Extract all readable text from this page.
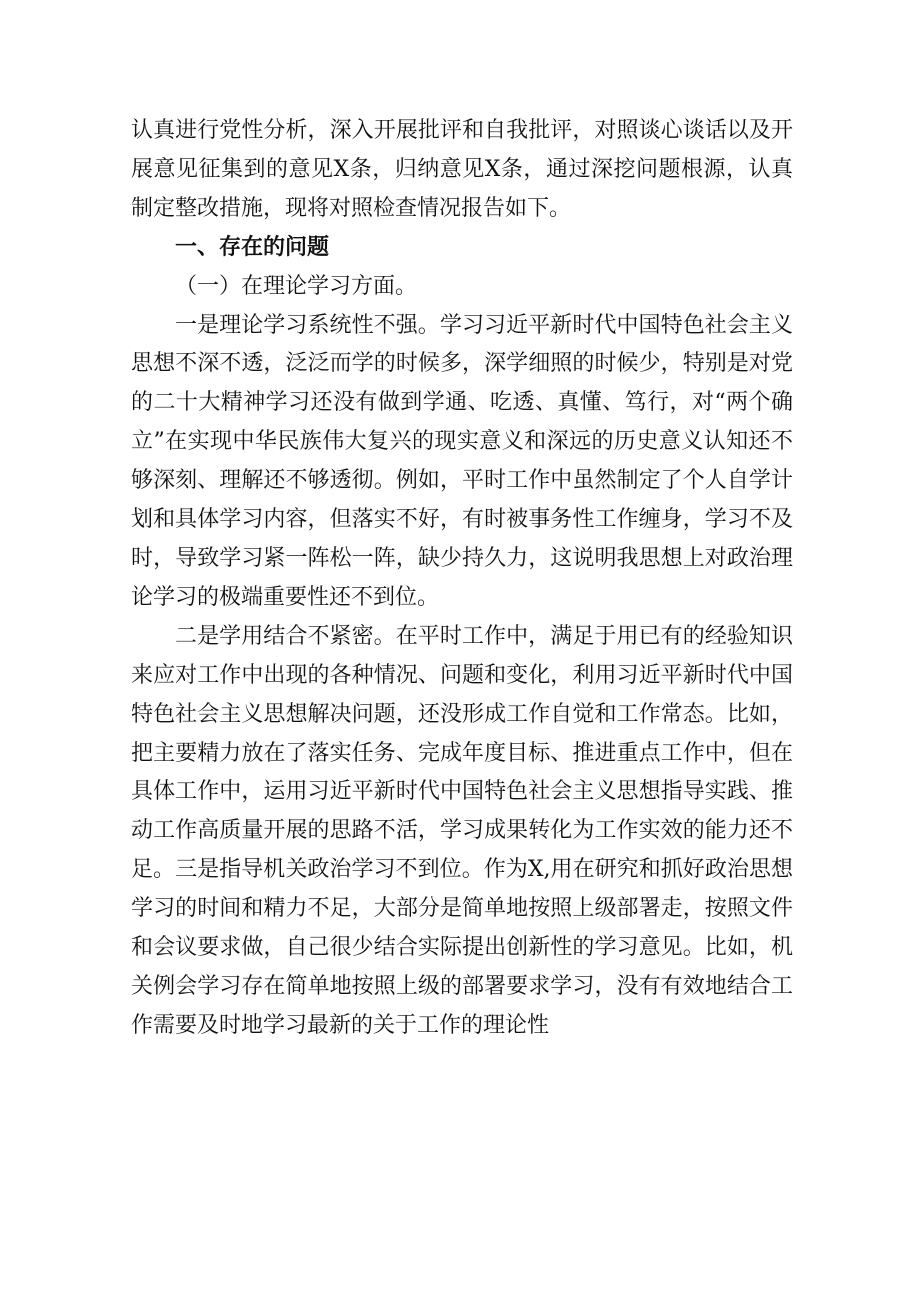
认真进行党性分析，深入开展批评和自我批评，对照谈心谈话以及开展意见征集到的意见X条，归纳意见X条，通过深挖问题根源，认真制定整改措施，现将对照检查情况报告如下。

一、存在的问题

（一）在理论学习方面。

一是理论学习系统性不强。学习习近平新时代中国特色社会主义思想不深不透，泛泛而学的时候多，深学细照的时候少，特别是对党的二十大精神学习还没有做到学通、吃透、真懂、笃行，对“两个确立”在实现中华民族伟大复兴的现实意义和深远的历史意义认知还不够深刻、理解还不够透彻。例如，平时工作中虽然制定了个人自学计划和具体学习内容，但落实不好，有时被事务性工作缠身，学习不及时，导致学习紧一阵松一阵，缺少持久力，这说明我思想上对政治理论学习的极端重要性还不到位。

二是学用结合不紧密。在平时工作中，满足于用已有的经验知识来应对工作中出现的各种情况、问题和变化，利用习近平新时代中国特色社会主义思想解决问题，还没形成工作自觉和工作常态。比如，把主要精力放在了落实任务、完成年度目标、推进重点工作中，但在具体工作中，运用习近平新时代中国特色社会主义思想指导实践、推动工作高质量开展的思路不活，学习成果转化为工作实效的能力还不足。三是指导机关政治学习不到位。作为X,用在研究和抓好政治思想学习的时间和精力不足，大部分是简单地按照上级部署走，按照文件和会议要求做，自己很少结合实际提出创新性的学习意见。比如，机关例会学习存在简单地按照上级的部署要求学习，没有有效地结合工作需要及时地学习最新的关于工作的理论性
